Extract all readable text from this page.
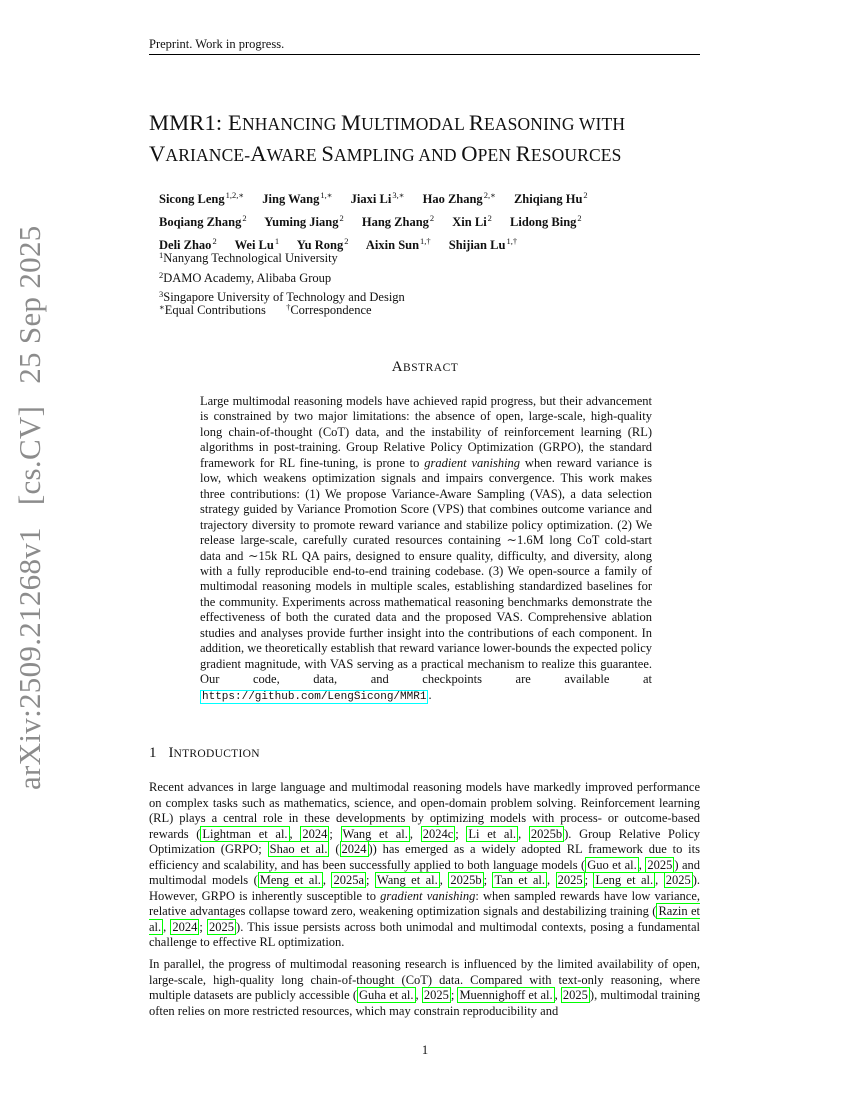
arXiv:2509.21268v1[cs.CV]25 Sep 2025
Preprint. Work in progress.
MMR1: ENHANCING MULTIMODAL REASONING WITH
VARIANCE-AWARE SAMPLING AND OPEN RESOURCES
Sicong Leng$^{1,2,∗}$ Jing Wang$^{1,∗}$ Jiaxi $Li^{3,∗}$ Hao Zhang$^{2,∗}$ Zhiqiang Hu$^2$
Boqiang Zhang$^2$ Yuming Jiang$^2$ Hang Zhang$^2$ Xin Li$^2$ Lidong Bing$^2$
Deli Zhao$^2$ Wei Lu$^1$ Yu Rong$^2$ Aixin Sun$^{1,\dagger}$ Shijian $Lu^{1,\dagger}$
$^1$Nanyang Technological University
$^2$DAMO Academy, Alibaba Group
$^3$Singapore University of Technology and Design
∗Equal Contributions †Correspondence
ABSTRACT
Large multimodal reasoning models have achieved rapid progress, but their advancement is constrained by two major limitations: the absence of open, large-scale, high-quality long chain-of-thought (CoT) data, and the instability of reinforcement learning (RL) algorithms in post-training. Group Relative Policy Optimization (GRPO), the standard framework for RL fine-tuning, is prone to gradient vanishing when reward variance is low, which weakens optimization signals and impairs convergence. This work makes three contributions: (1) We propose Variance-Aware Sampling (VAS), a data selection strategy guided by Variance Promotion Score (VPS) that combines outcome variance and trajectory diversity to promote reward variance and stabilize policy optimization. (2) We release large-scale, carefully curated resources containing ∼1.6M long CoT cold-start data and ∼15k RL QA pairs, designed to ensure quality, difficulty, and diversity, along with a fully reproducible end-to-end training codebase. (3) We open-source a family of multimodal reasoning models in multiple scales, establishing standardized baselines for the community. Experiments across mathematical reasoning benchmarks demonstrate the effectiveness of both the curated data and the proposed VAS. Comprehensive ablation studies and analyses provide further insight into the contributions of each component. In addition, we theoretically establish that reward variance lower-bounds the expected policy gradient magnitude, with VAS serving as a practical mechanism to realize this guarantee. Our code, data, and checkpoints are available at https://github.com/LengSicong/MMR1 .
1 INTRODUCTION
Recent advances in large language and multimodal reasoning models have markedly improved performance on complex tasks such as mathematics, science, and open-domain problem solving. Reinforcement learning (RL) plays a central role in these developments by optimizing models with process- or outcome-based rewards ( Lightman et al. , 2024 ; Wang et al. , 2024c ; Li et al. , 2025b ). Group Relative Policy Optimization (GRPO; Shao et al. ( 2024 )) has emerged as a widely adopted RL framework due to its efficiency and scalability, and has been successfully applied to both language models ( Guo et al. , 2025 ) and multimodal models ( Meng et al. , 2025a ; Wang et al. , 2025b ; Tan et al. , 2025 ; Leng et al. , 2025 ). However, GRPO is inherently susceptible to gradient vanishing: when sampled rewards have low variance, relative advantages collapse toward zero, weakening optimization signals and destabilizing training ( Razin et al. , 2024 ; 2025 ). This issue persists across both unimodal and multimodal contexts, posing a fundamental challenge to effective RL optimization.
In parallel, the progress of multimodal reasoning research is influenced by the limited availability of open, large-scale, high-quality long chain-of-thought (CoT) data. Compared with text-only reasoning, where multiple datasets are publicly accessible ( Guha et al. , 2025 ; Muennighoff et al. , 2025 ), multimodal training often relies on more restricted resources, which may constrain reproducibility and
1
